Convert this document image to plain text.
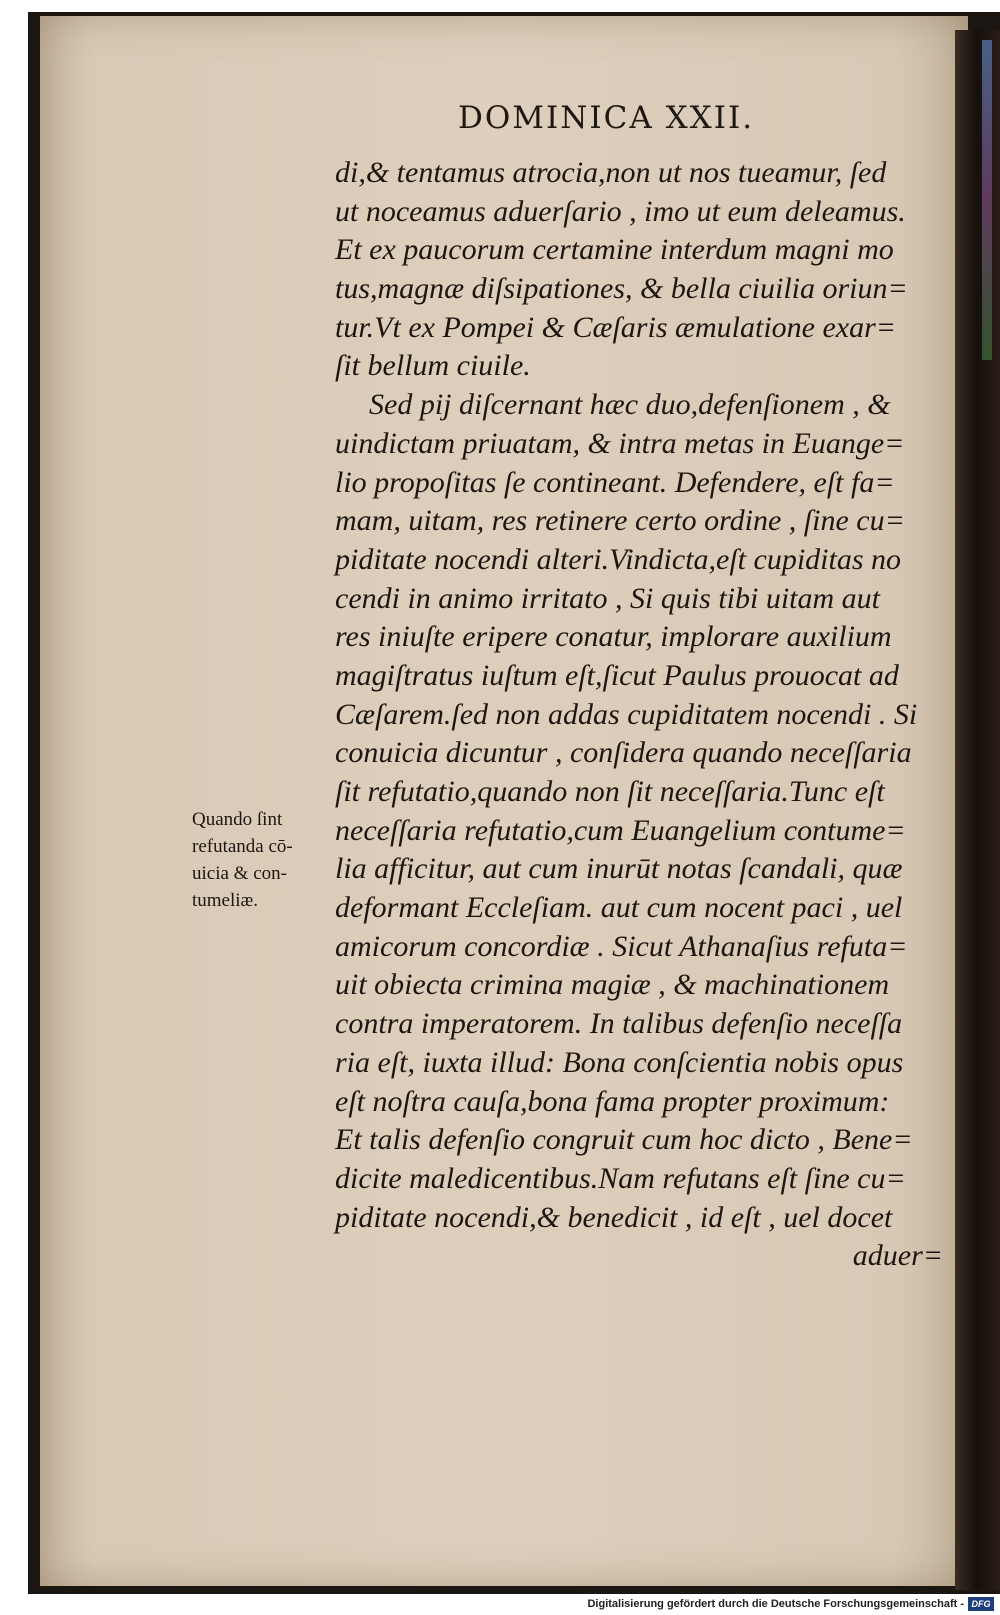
DOMINICA XXII.
di,& tentamus atrocia,non ut nos tueamur, ſed
ut noceamus aduerſario , imo ut eum deleamus.
Et ex paucorum certamine interdum magni mo
tus,magnæ diſsipationes, & bella ciuilia oriun=
tur.Vt ex Pompei & Cæſaris æmulatione exar=
ſit bellum ciuile.
Sed pij diſcernant hæc duo,defenſionem , &
uindictam priuatam, & intra metas in Euange=
lio propoſitas ſe contineant. Defendere, eſt fa=
mam, uitam, res retinere certo ordine , ſine cu=
piditate nocendi alteri.Vindicta,eſt cupiditas no
cendi in animo irritato , Si quis tibi uitam aut
res iniuſte eripere conatur, implorare auxilium
magiſtratus iuſtum eſt,ſicut Paulus prouocat ad
Cæſarem.ſed non addas cupiditatem nocendi . Si
conuicia dicuntur , conſidera quando neceſſaria
ſit refutatio,quando non ſit neceſſaria.Tunc eſt
neceſſaria refutatio,cum Euangelium contume=
lia afficitur, aut cum inurūt notas ſcandali, quæ
deformant Eccleſiam. aut cum nocent paci , uel
amicorum concordiæ . Sicut Athanaſius refuta=
uit obiecta crimina magiæ , & machinationem
contra imperatorem. In talibus defenſio neceſſa
ria eſt, iuxta illud: Bona conſcientia nobis opus
eſt noſtra cauſa,bona fama propter proximum:
Et talis defenſio congruit cum hoc dicto , Bene=
dicite maledicentibus.Nam refutans eſt ſine cu=
piditate nocendi,& benedicit , id eſt , uel docet
aduer=
Quando ſint
refutanda cō-
uicia & con-
tumeliæ.
Digitalisierung gefördert durch die Deutsche Forschungsgemeinschaft - DFG
